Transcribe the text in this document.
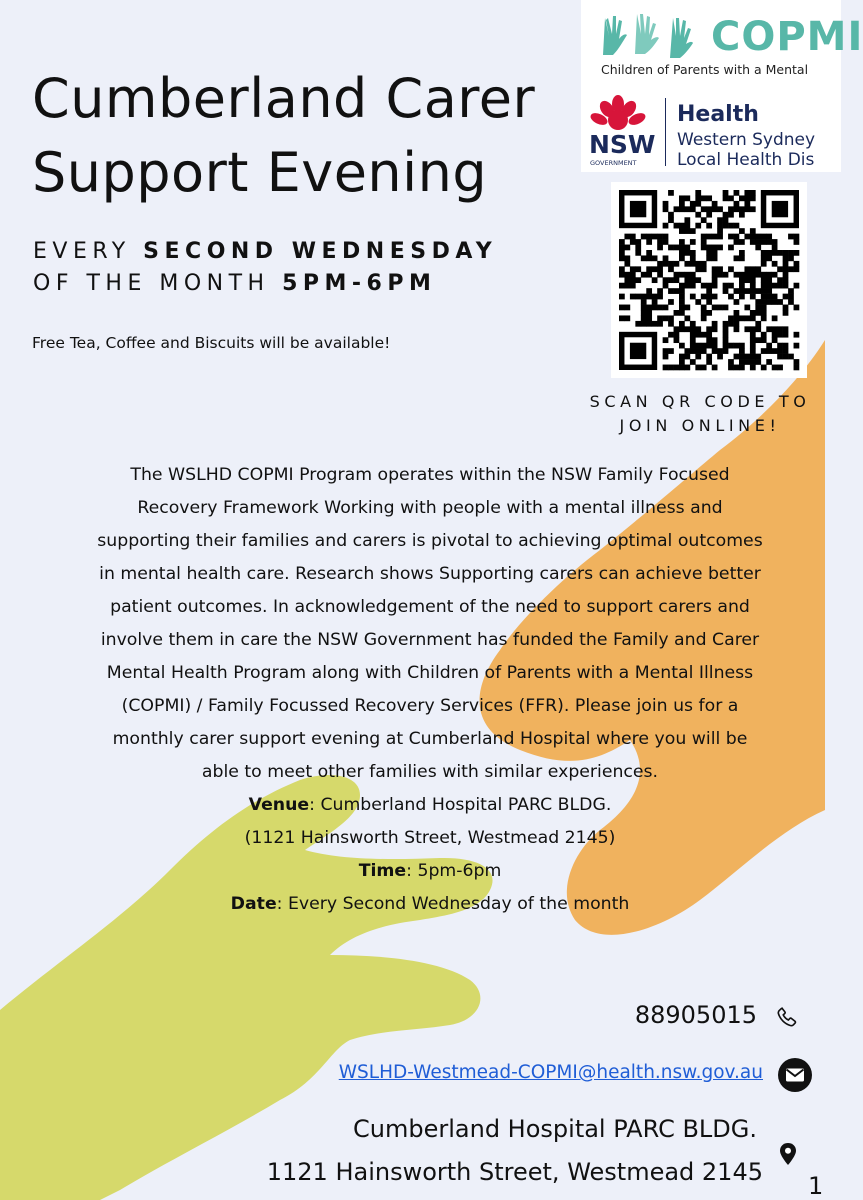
Cumberland Carer
Support Evening
EVERY SECOND WEDNESDAY
OF THE MONTH 5PM-6PM
Free Tea, Coffee and Biscuits will be available!
COPMI
Children of Parents with a Mental
NSW
GOVERNMENT
Health
Western Sydney
Local Health Dis
SCAN QR CODE TO
JOIN ONLINE!

The WSLHD COPMI Program operates within the NSW Family Focused Recovery Framework Working with people with a mental illness and supporting their families and carers is pivotal to achieving optimal outcomes in mental health care. Research shows Supporting carers can achieve better patient outcomes. In acknowledgement of the need to support carers and involve them in care the NSW Government has funded the Family and Carer Mental Health Program along with Children of Parents with a Mental Illness (COPMI) / Family Focussed Recovery Services (FFR). Please join us for a monthly carer support evening at Cumberland Hospital where you will be able to meet other families with similar experiences.

Venue: Cumberland Hospital PARC BLDG.

(1121 Hainsworth Street, Westmead 2145)

Time: 5pm-6pm

Date: Every Second Wednesday of the month

88905015
WSLHD-Westmead-COPMI@health.nsw.gov.au
Cumberland Hospital PARC BLDG.
1121 Hainsworth Street, Westmead 2145 1
